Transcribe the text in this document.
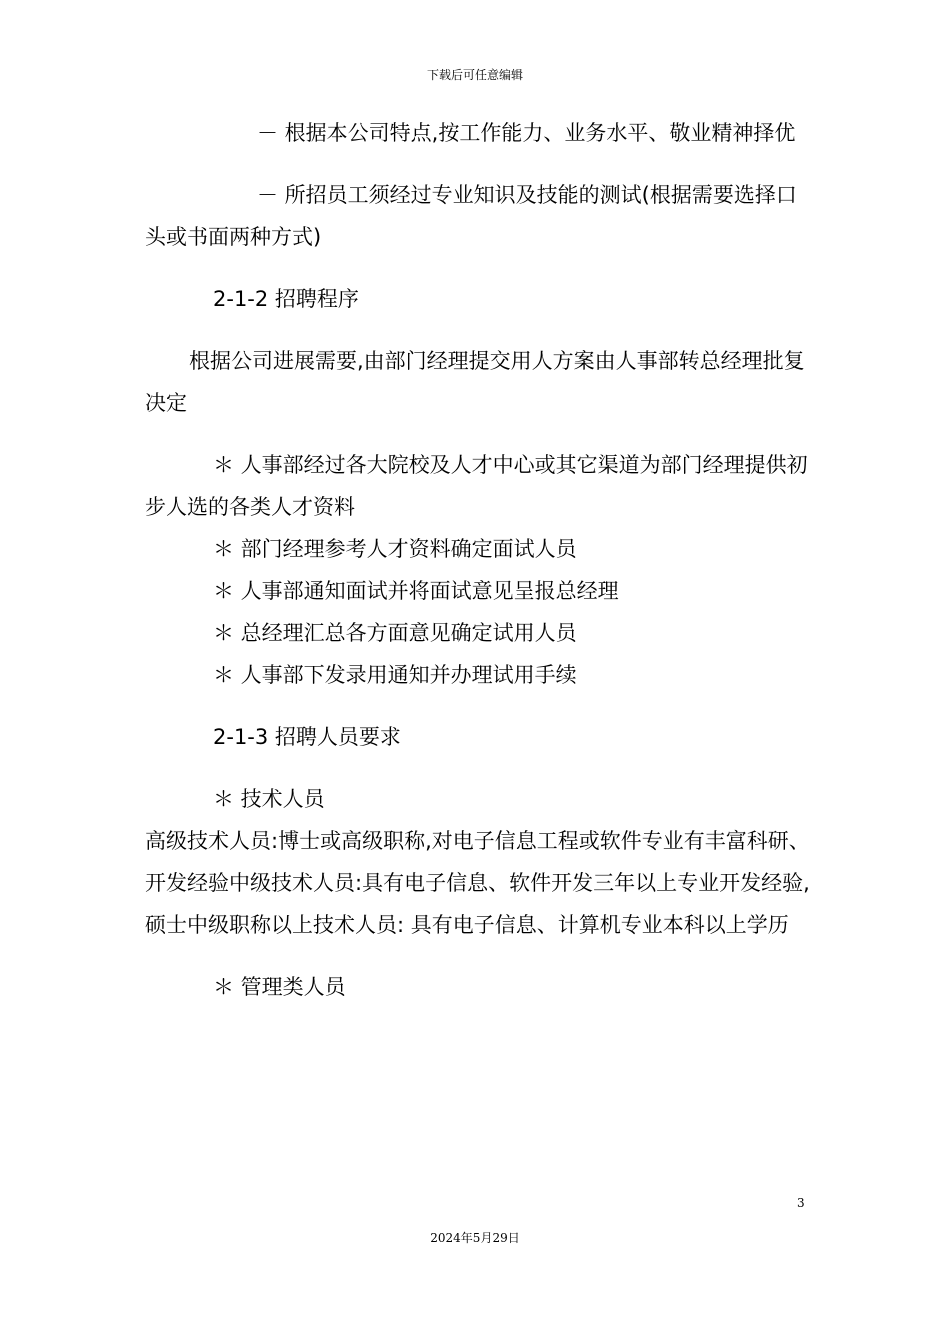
下载后可任意编辑

－ 根据本公司特点,按工作能力、业务水平、敬业精神择优

－ 所招员工须经过专业知识及技能的测试(根据需要选择口头或书面两种方式)

2-1-2 招聘程序

根据公司进展需要,由部门经理提交用人方案由人事部转总经理批复决定

＊ 人事部经过各大院校及人才中心或其它渠道为部门经理提供初步人选的各类人才资料

＊ 部门经理参考人才资料确定面试人员

＊ 人事部通知面试并将面试意见呈报总经理

＊ 总经理汇总各方面意见确定试用人员

＊ 人事部下发录用通知并办理试用手续

2-1-3 招聘人员要求

＊ 技术人员

高级技术人员:博士或高级职称,对电子信息工程或软件专业有丰富科研、开发经验中级技术人员:具有电子信息、软件开发三年以上专业开发经验,硕士中级职称以上技术人员: 具有电子信息、计算机专业本科以上学历

＊ 管理类人员

3
2024年5月29日
